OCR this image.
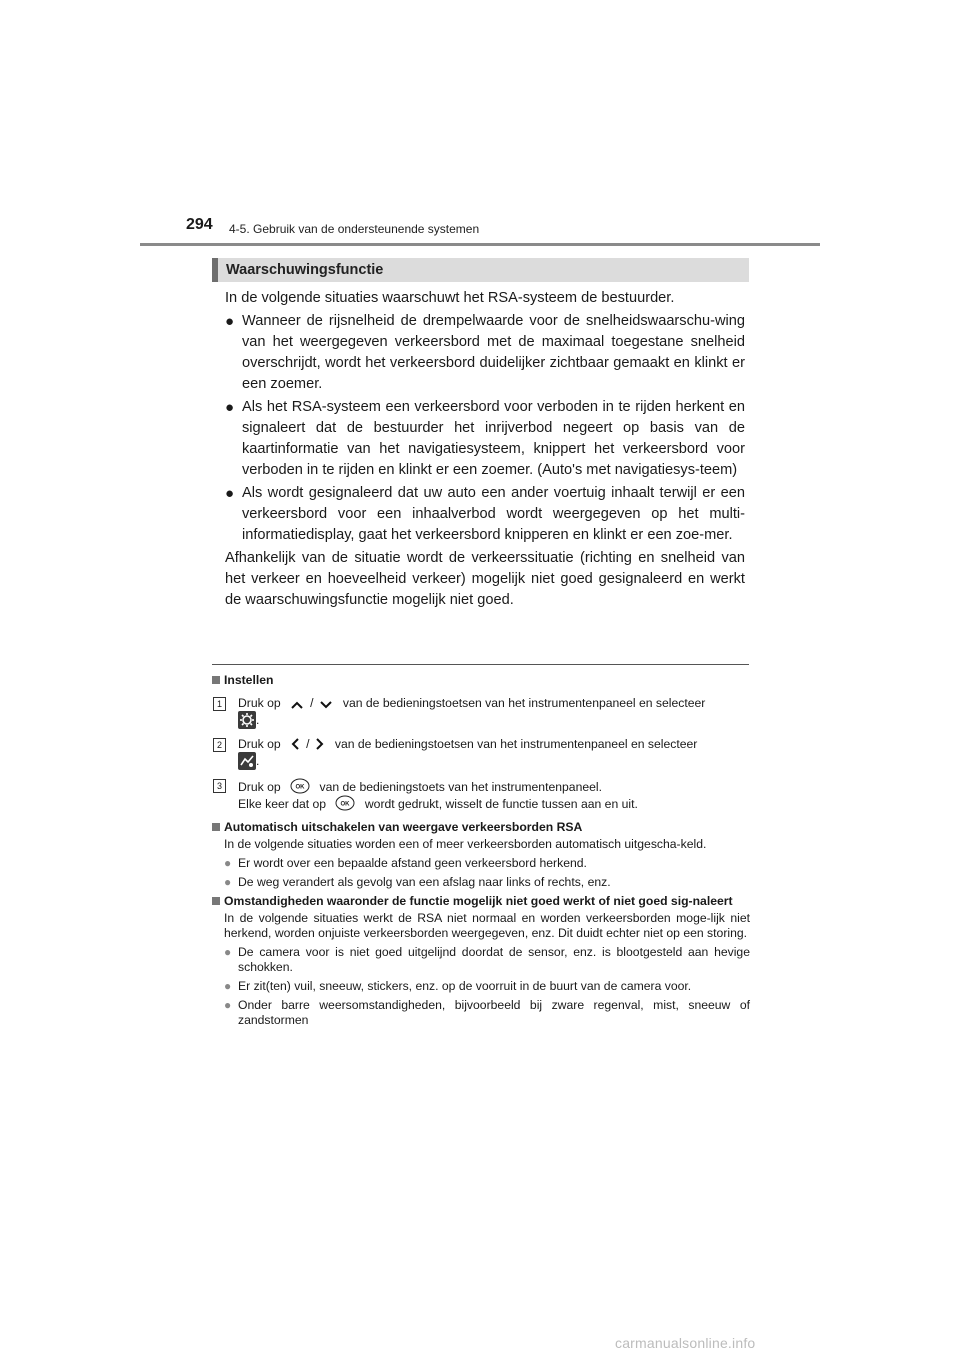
294 4-5. Gebruik van de ondersteunende systemen
Waarschuwingsfunctie

In de volgende situaties waarschuwt het RSA-systeem de bestuurder.

● Wanneer de rijsnelheid de drempelwaarde voor de snelheidswaarschu-wing van het weergegeven verkeersbord met de maximaal toegestane snelheid overschrijdt, wordt het verkeersbord duidelijker zichtbaar gemaakt en klinkt er een zoemer.
● Als het RSA-systeem een verkeersbord voor verboden in te rijden herkent en signaleert dat de bestuurder het inrijverbod negeert op basis van de kaartinformatie van het navigatiesysteem, knippert het verkeersbord voor verboden in te rijden en klinkt er een zoemer. (Auto's met navigatiesys-teem)
● Als wordt gesignaleerd dat uw auto een ander voertuig inhaalt terwijl er een verkeersbord voor een inhaalverbod wordt weergegeven op het multi-informatiedisplay, gaat het verkeersbord knipperen en klinkt er een zoe-mer.

Afhankelijk van de situatie wordt de verkeerssituatie (richting en snelheid van het verkeer en hoeveelheid verkeer) mogelijk niet goed gesignaleerd en werkt de waarschuwingsfunctie mogelijk niet goed.

Instellen
1	Druk op / van de bedieningstoetsen van het instrumentenpaneel en selecteer

.
2	Druk op / van de bedieningstoetsen van het instrumentenpaneel en selecteer

.
3	Druk op OK van de bedieningstoets van het instrumentenpaneel.
Elke keer dat op OK wordt gedrukt, wisselt de functie tussen aan en uit.
Automatisch uitschakelen van weergave verkeersborden RSA
In de volgende situaties worden een of meer verkeersborden automatisch uitgescha-keld.
● Er wordt over een bepaalde afstand geen verkeersbord herkend.
● De weg verandert als gevolg van een afslag naar links of rechts, enz.
Omstandigheden waaronder de functie mogelijk niet goed werkt of niet goed sig-naleert
In de volgende situaties werkt de RSA niet normaal en worden verkeersborden moge-lijk niet herkend, worden onjuiste verkeersborden weergegeven, enz. Dit duidt echter niet op een storing.
● De camera voor is niet goed uitgelijnd doordat de sensor, enz. is blootgesteld aan hevige schokken.
● Er zit(ten) vuil, sneeuw, stickers, enz. op de voorruit in de buurt van de camera voor.
● Onder barre weersomstandigheden, bijvoorbeeld bij zware regenval, mist, sneeuw of zandstormen
carmanualsonline.info
